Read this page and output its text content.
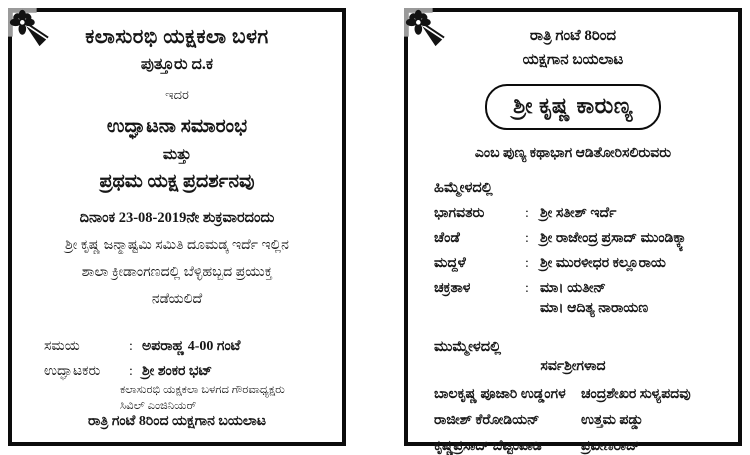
ಕಲಾಸುರಭಿ ಯಕ್ಷಕಲಾ ಬಳಗ
ಪುತ್ತೂರು ದ.ಕ
ಇದರ
ಉದ್ಘಾಟನಾ ಸಮಾರಂಭ
ಮತ್ತು
ಪ್ರಥಮ ಯಕ್ಷ ಪ್ರದರ್ಶನವು
ದಿನಾಂಕ 23-08-2019ನೇ ಶುಕ್ರವಾರದಂದು
ಶ್ರೀ ಕೃಷ್ಣ ಜನ್ಮಾಷ್ಟಮಿ ಸಮಿತಿ ದೂಮಡ್ಕ ಇರ್ದೆ ಇಲ್ಲಿನ
ಶಾಲಾ ಕ್ರೀಡಾಂಗಣದಲ್ಲಿ ಬೆಳ್ಳಿಹಬ್ಬದ ಪ್ರಯುಕ್ತ
ನಡೆಯಲಿದೆ
ಸಮಯ	: ಅಪರಾಹ್ಣ 4-00 ಗಂಟೆ
ಉದ್ಘಾಟಕರು	: ಶ್ರೀ ಶಂಕರ ಭಟ್
ಕಲಾಸುರಭಿ ಯಕ್ಷಕಲಾ ಬಳಗದ ಗೌರವಾಧ್ಯಕ್ಷರು
ಸಿವಿಲ್ ಎಂಜಿನಿಯರ್
ರಾತ್ರಿ ಗಂಟೆ 8ರಿಂದ ಯಕ್ಷಗಾನ ಬಯಲಾಟ
ರಾತ್ರಿ ಗಂಟೆ 8ರಿಂದ
ಯಕ್ಷಗಾನ ಬಯಲಾಟ
ಶ್ರೀ ಕೃಷ್ಣ ಕಾರುಣ್ಯ
ಎಂಬ ಪುಣ್ಯ ಕಥಾಭಾಗ ಆಡಿತೋರಿಸಲಿರುವರು
ಹಿಮ್ಮೇಳದಲ್ಲಿ
ಭಾಗವತರು	: ಶ್ರೀ ಸತೀಶ್ ಇರ್ದೆ
ಚೆಂಡೆ	: ಶ್ರೀ ರಾಜೇಂದ್ರ ಪ್ರಸಾದ್ ಮುಂಡಿಕ್ಕ್ಯಾ
ಮದ್ದಳೆ	: ಶ್ರೀ ಮುರಳೀಧರ ಕಲ್ಲೂರಾಯ
ಚಕ್ರತಾಳ	: ಮಾ। ಯತೀನ್
ಮಾ। ಆದಿತ್ಯ ನಾರಾಯಣ
ಮುಮ್ಮೇಳದಲ್ಲಿ
ಸರ್ವಶ್ರೀಗಳಾದ
ಬಾಲಕೃಷ್ಣ ಪೂಜಾರಿ ಉಡ್ಡಂಗಳ	ಚಂದ್ರಶೇಖರ ಸುಳ್ಯಪದವು
ರಾಜೀಶ್ ಕೆರೋಡಿಯನ್	ಉತ್ತಮ ಪಡ್ಡು
ಕೃಷ್ಣಪ್ರಸಾದ್ ಬೆಟ್ಟಂಪಾಡಿ	ಪ್ರವೀಣರಾಜ್
